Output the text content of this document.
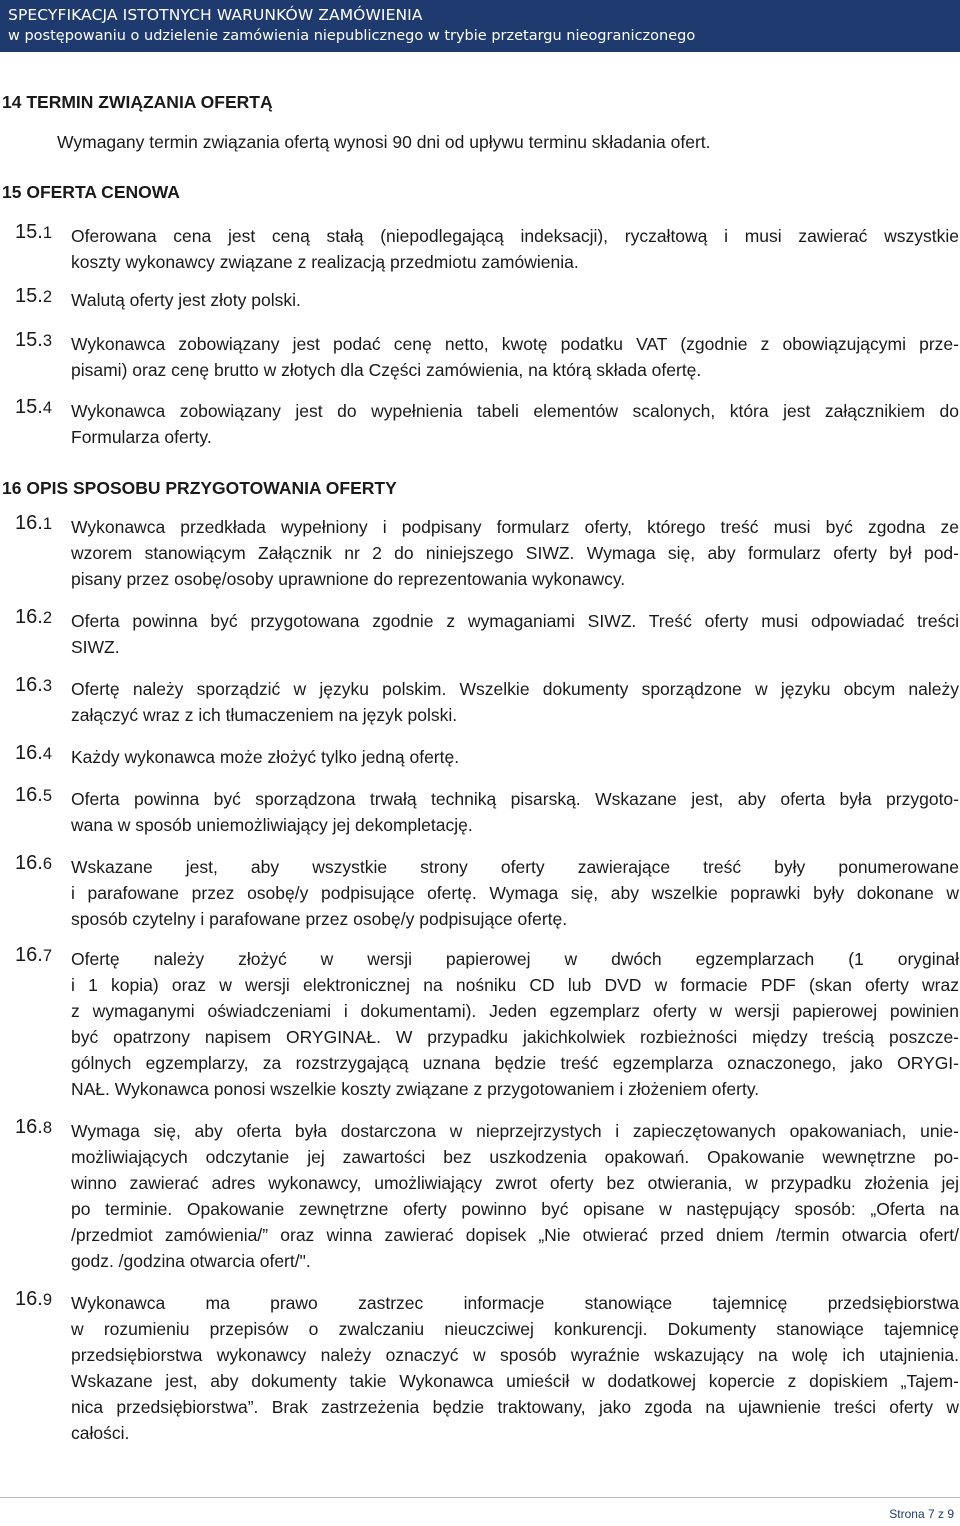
SPECYFIKACJA ISTOTNYCH WARUNKÓW ZAMÓWIENIA
w postępowaniu o udzielenie zamówienia niepublicznego w trybie przetargu nieograniczonego
14 TERMIN ZWIĄZANIA OFERTĄ
Wymagany termin związania ofertą wynosi 90 dni od upływu terminu składania ofert.
15 OFERTA CENOWA
15.1 Oferowana cena jest ceną stałą (niepodlegającą indeksacji), ryczałtową i musi zawierać wszystkie
koszty wykonawcy związane z realizacją przedmiotu zamówienia.
15.2 Walutą oferty jest złoty polski.
15.3 Wykonawca zobowiązany jest podać cenę netto, kwotę podatku VAT (zgodnie z obowiązującymi prze-
pisami) oraz cenę brutto w złotych dla Części zamówienia, na którą składa ofertę.
15.4 Wykonawca zobowiązany jest do wypełnienia tabeli elementów scalonych, która jest załącznikiem do
Formularza oferty.
16 OPIS SPOSOBU PRZYGOTOWANIA OFERTY
16.1 Wykonawca przedkłada wypełniony i podpisany formularz oferty, którego treść musi być zgodna ze
wzorem stanowiącym Załącznik nr 2 do niniejszego SIWZ. Wymaga się, aby formularz oferty był pod-
pisany przez osobę/osoby uprawnione do reprezentowania wykonawcy.
16.2 Oferta powinna być przygotowana zgodnie z wymaganiami SIWZ. Treść oferty musi odpowiadać treści
SIWZ.
16.3 Ofertę należy sporządzić w języku polskim. Wszelkie dokumenty sporządzone w języku obcym należy
załączyć wraz z ich tłumaczeniem na język polski.
16.4 Każdy wykonawca może złożyć tylko jedną ofertę.
16.5 Oferta powinna być sporządzona trwałą techniką pisarską. Wskazane jest, aby oferta była przygoto-
wana w sposób uniemożliwiający jej dekompletację.
16.6 Wskazane jest, aby wszystkie strony oferty zawierające treść były ponumerowane
i parafowane przez osobę/y podpisujące ofertę. Wymaga się, aby wszelkie poprawki były dokonane w
sposób czytelny i parafowane przez osobę/y podpisujące ofertę.
16.7 Ofertę należy złożyć w wersji papierowej w dwóch egzemplarzach (1 oryginał
i 1 kopia) oraz w wersji elektronicznej na nośniku CD lub DVD w formacie PDF (skan oferty wraz
z wymaganymi oświadczeniami i dokumentami). Jeden egzemplarz oferty w wersji papierowej powinien
być opatrzony napisem ORYGINAŁ. W przypadku jakichkolwiek rozbieżności między treścią poszcze-
gólnych egzemplarzy, za rozstrzygającą uznana będzie treść egzemplarza oznaczonego, jako ORYGI-
NAŁ. Wykonawca ponosi wszelkie koszty związane z przygotowaniem i złożeniem oferty.
16.8 Wymaga się, aby oferta była dostarczona w nieprzejrzystych i zapieczętowanych opakowaniach, unie-
możliwiających odczytanie jej zawartości bez uszkodzenia opakowań. Opakowanie wewnętrzne po-
winno zawierać adres wykonawcy, umożliwiający zwrot oferty bez otwierania, w przypadku złożenia jej
po terminie. Opakowanie zewnętrzne oferty powinno być opisane w następujący sposób: „Oferta na
/przedmiot zamówienia/” oraz winna zawierać dopisek „Nie otwierać przed dniem /termin otwarcia ofert/
godz. /godzina otwarcia ofert/".
16.9 Wykonawca ma prawo zastrzec informacje stanowiące tajemnicę przedsiębiorstwa
w rozumieniu przepisów o zwalczaniu nieuczciwej konkurencji. Dokumenty stanowiące tajemnicę
przedsiębiorstwa wykonawcy należy oznaczyć w sposób wyraźnie wskazujący na wolę ich utajnienia.
Wskazane jest, aby dokumenty takie Wykonawca umieścił w dodatkowej kopercie z dopiskiem „Tajem-
nica przedsiębiorstwa”. Brak zastrzeżenia będzie traktowany, jako zgoda na ujawnienie treści oferty w
całości.
Strona 7 z 9
